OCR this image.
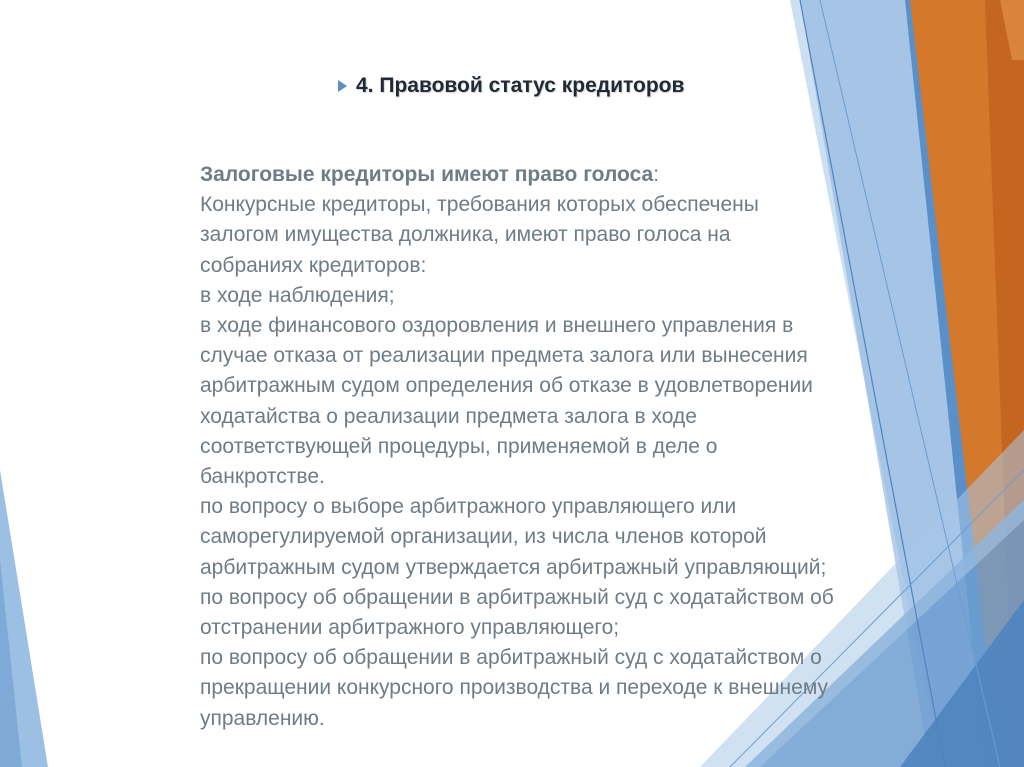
4. Правовой статус кредиторов
Залоговые кредиторы имеют право голоса:
Конкурсные кредиторы, требования которых обеспечены
залогом имущества должника, имеют право голоса на
собраниях кредиторов:
в ходе наблюдения;
в ходе финансового оздоровления и внешнего управления в
случае отказа от реализации предмета залога или вынесения
арбитражным судом определения об отказе в удовлетворении
ходатайства о реализации предмета залога в ходе
соответствующей процедуры, применяемой в деле о
банкротстве.
по вопросу о выборе арбитражного управляющего или
саморегулируемой организации, из числа членов которой
арбитражным судом утверждается арбитражный управляющий;
по вопросу об обращении в арбитражный суд с ходатайством об
отстранении арбитражного управляющего;
по вопросу об обращении в арбитражный суд с ходатайством о
прекращении конкурсного производства и переходе к внешнему
управлению.
